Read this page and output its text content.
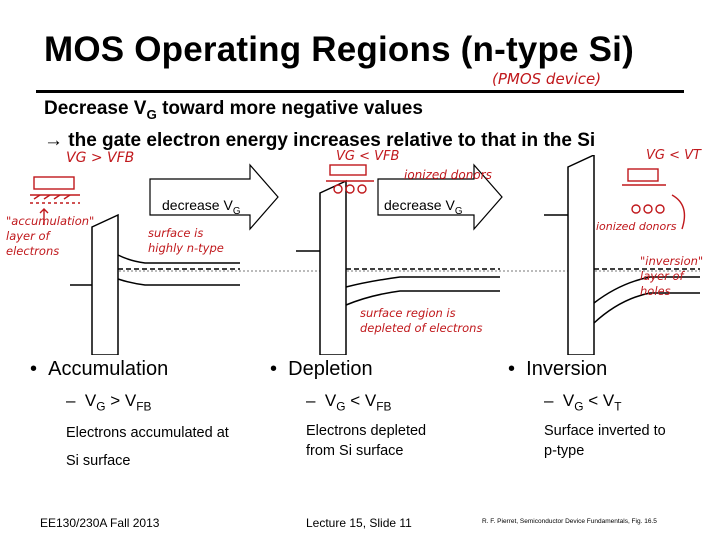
MOS Operating Regions (n-type Si)
(PMOS device)
Decrease $V_G$ toward more negative values
→ the gate electron energy increases relative to that in the Si
decrease $V_G$	decrease $V_G$
VG > VFB
"accumulation" layer of electrons
surface is highly n-type
VG < VFB
ionized donors
surface region is depleted of electrons
VG < VT
ionized donors
"inversion" layer of holes
• Accumulation
–  $V_G > V_{FB}$
Electrons accumulated at
Si surface
• Depletion
–  $V_G < V_{FB}$
Electrons depleted
from Si surface
• Inversion
–  $V_G < V_T$
Surface inverted to
p-type
EE130/230A Fall 2013	Lecture 15, Slide 11	R. F. Pierret, Semiconductor Device Fundamentals, Fig. 16.5
